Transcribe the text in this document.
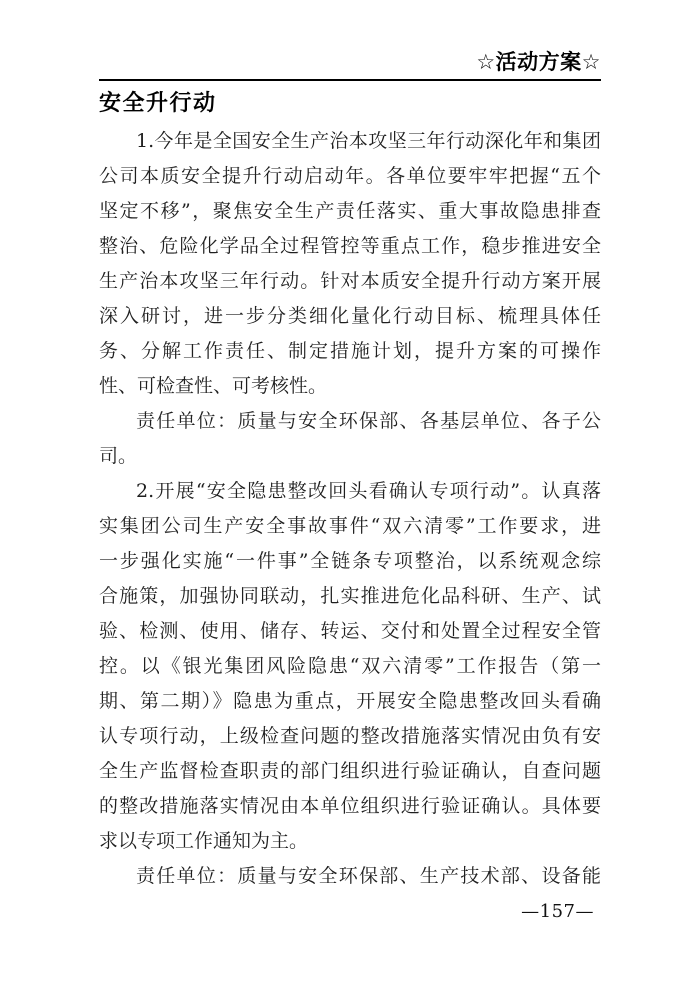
☆活动方案☆
安全升行动
1.今年是全国安全生产治本攻坚三年行动深化年和集团
公司本质安全提升行动启动年。各单位要牢牢把握“五个
坚定不移”，聚焦安全生产责任落实、重大事故隐患排查
整治、危险化学品全过程管控等重点工作，稳步推进安全
生产治本攻坚三年行动。针对本质安全提升行动方案开展
深入研讨，进一步分类细化量化行动目标、梳理具体任
务、分解工作责任、制定措施计划，提升方案的可操作
性、可检查性、可考核性。
责任单位：质量与安全环保部、各基层单位、各子公
司。
2.开展“安全隐患整改回头看确认专项行动”。认真落
实集团公司生产安全事故事件“双六清零”工作要求，进
一步强化实施“一件事”全链条专项整治，以系统观念综
合施策，加强协同联动，扎实推进危化品科研、生产、试
验、检测、使用、储存、转运、交付和处置全过程安全管
控。以《银光集团风险隐患“双六清零”工作报告（第一
期、第二期）》隐患为重点，开展安全隐患整改回头看确
认专项行动，上级检查问题的整改措施落实情况由负有安
全生产监督检查职责的部门组织进行验证确认，自查问题
的整改措施落实情况由本单位组织进行验证确认。具体要
求以专项工作通知为主。
责任单位：质量与安全环保部、生产技术部、设备能
—157—
